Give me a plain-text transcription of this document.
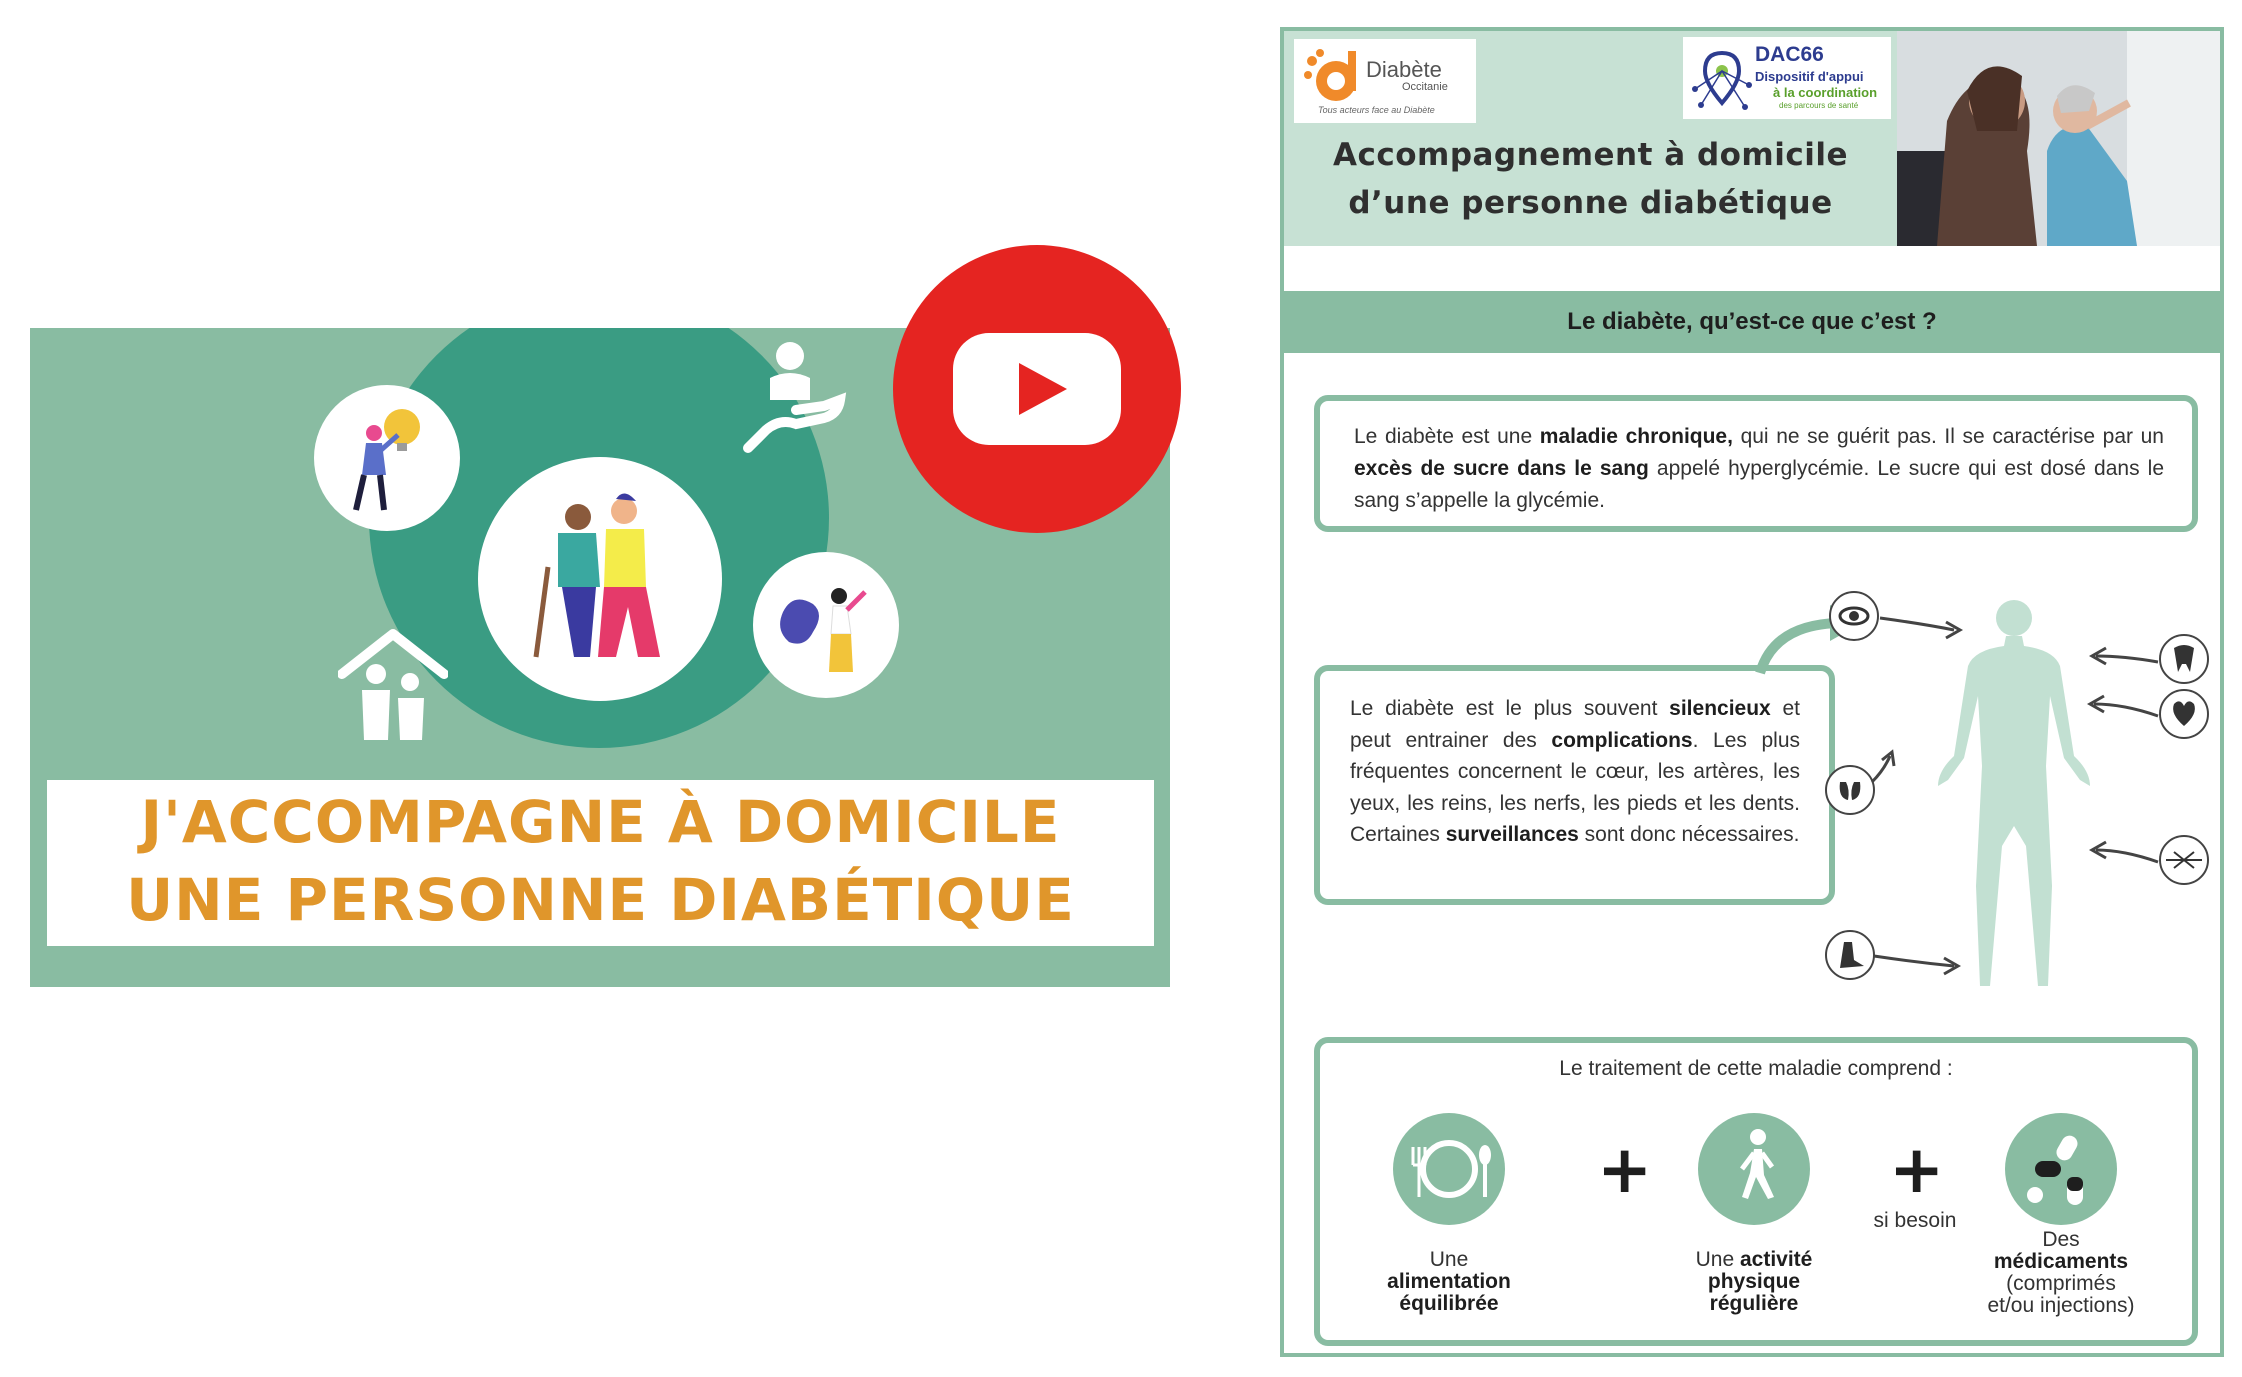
J'ACCOMPAGNE À DOMICILE
UNE PERSONNE DIABÉTIQUE
Diabète
Occitanie
Tous acteurs face au Diabète
DAC66
Dispositif d'appui
à la coordination
des parcours de santé
Accompagnement à domicile
d’une personne diabétique
Le diabète, qu’est-ce que c’est ?
Le diabète est une maladie chronique, qui ne se guérit pas. Il se caractérise par un excès de sucre dans le sang appelé hyperglycémie. Le sucre qui est dosé dans le sang s’appelle la glycémie.
Le diabète est le plus souvent silencieux et peut entrainer des complications. Les plus fréquentes concernent le cœur, les artères, les yeux, les reins, les nerfs, les pieds et les dents. Certaines surveillances sont donc nécessaires.
Le traitement de cette maladie comprend :
Une
alimentation
équilibrée
+
Une activité
physique
régulière
+
si besoin
Des
médicaments
(comprimés
et/ou injections)
